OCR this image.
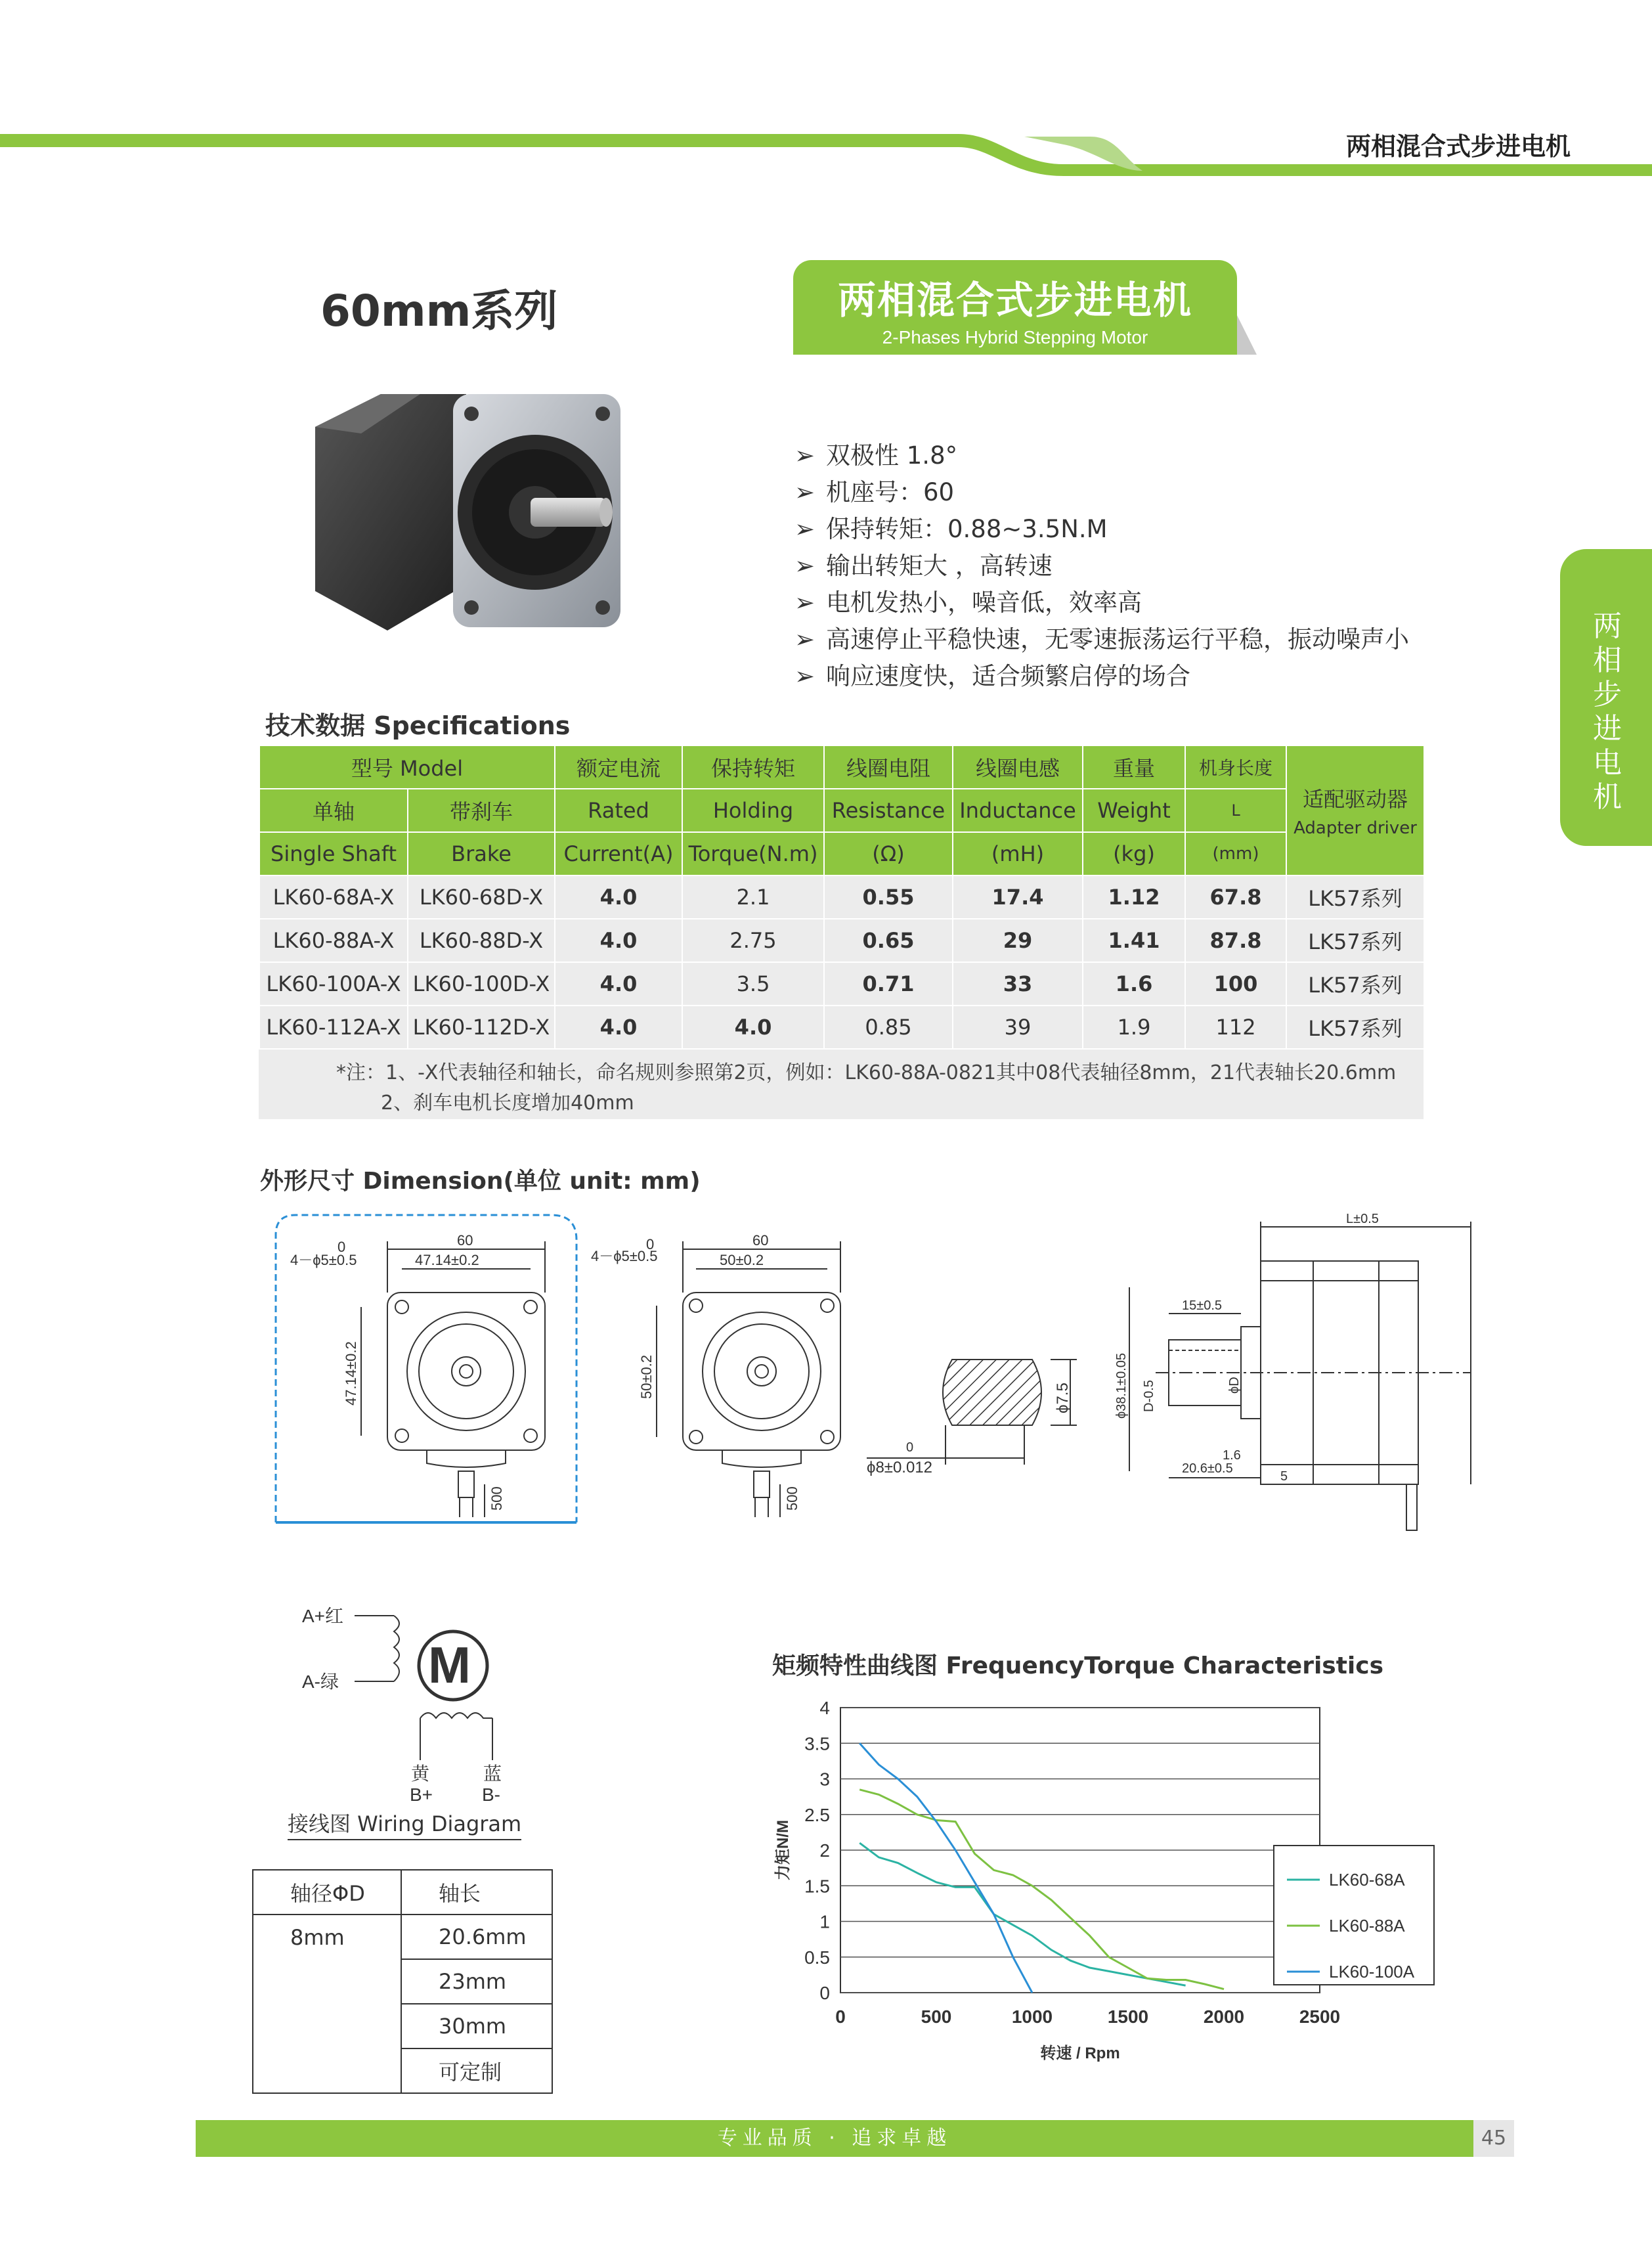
两相混合式步进电机
60mm系列	两相混合式步进电机
2-Phases Hybrid Stepping Motor
两相步进电机
➢ 双极性 1.8°
➢ 机座号：60
➢ 保持转矩：0.88~3.5N.M
➢ 输出转矩大 ，高转速
➢ 电机发热小，噪音低，效率高
➢ 高速停止平稳快速，无零速振荡运行平稳，振动噪声小
➢ 响应速度快，适合频繁启停的场合
技术数据 Specifications
型号 Model		额定电流	保持转矩	线圈电阻	线圈电感	重量	机身长度	适配驱动器
Adapter driver

单轴	带刹车	Rated	Holding	Resistance	Inductance	Weight	L	
Single Shaft	Brake	Current(A)	Torque(N.m)	(Ω)	(mH)	(kg)	(mm)	
LK60-68A-X	LK60-68D-X	4.0	2.1	0.55	17.4	1.12	67.8	LK57系列
LK60-88A-X	LK60-88D-X	4.0	2.75	0.65	29	1.41	87.8	LK57系列
LK60-100A-X	LK60-100D-X	4.0	3.5	0.71	33	1.6	100	LK57系列
LK60-112A-X	LK60-112D-X	4.0	4.0	0.85	39	1.9	112	LK57系列
*注：1、-X代表轴径和轴长，命名规则参照第2页，例如：LK60-88A-0821其中08代表轴径8mm，21代表轴长20.6mm
2、刹车电机长度增加40mm
外形尺寸 Dimension(单位 unit: mm)
60
47.14±0.2
4－ϕ5±0.5
0
47.14±0.2
500
60
50±0.2
4－ϕ5±0.5
0
50±0.2
500
ϕ8±0.012
0
ϕ7.5
L±0.5
15±0.5
ϕ38.1±0.05 D-0.5	ϕD
1.6
20.6±0.5
5
A+红
A-绿 M
黄	蓝
B+	B-
接线图 Wiring Diagram
轴径ΦD	轴长
8mm	20.6mm
	23mm
	30mm
	可定制
矩频特性曲线图 FrequencyTorque Characteristics
0
0.5
1
1.5
2
2.5
3
3.5
4
0	500	1000	1500	2000	2500
转速 / Rpm
力矩N/M	LK60-68A
LK60-88A
LK60-100A
专业品质 · 追求卓越	45
